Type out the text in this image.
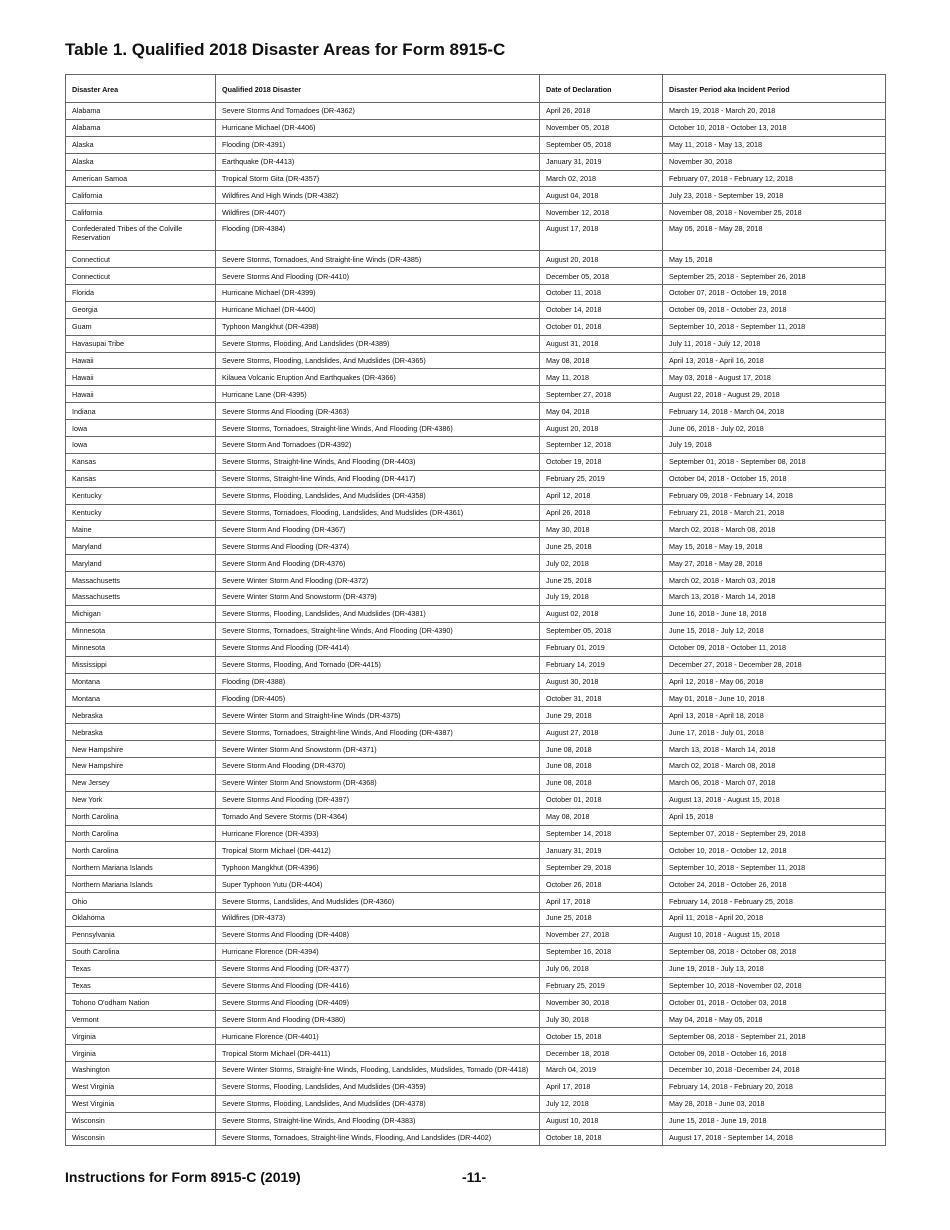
Table 1. Qualified 2018 Disaster Areas for Form 8915-C
Disaster Area	Qualified 2018 Disaster	Date of Declaration	Disaster Period aka Incident Period
Alabama	Severe Storms And Tornadoes (DR-4362)	April 26, 2018	March 19, 2018 - March 20, 2018
Alabama	Hurricane Michael (DR-4406)	November 05, 2018	October 10, 2018 - October 13, 2018
Alaska	Flooding (DR-4391)	September 05, 2018	May 11, 2018 - May 13, 2018
Alaska	Earthquake (DR-4413)	January 31, 2019	November 30, 2018
American Samoa	Tropical Storm Gita (DR-4357)	March 02, 2018	February 07, 2018 - February 12, 2018
California	Wildfires And High Winds (DR-4382)	August 04, 2018	July 23, 2018 - September 19, 2018
California	Wildfires (DR-4407)	November 12, 2018	November 08, 2018 - November 25, 2018
Confederated Tribes of the Colville Reservation	Flooding (DR-4384)	August 17, 2018	May 05, 2018 - May 28, 2018
Connecticut	Severe Storms, Tornadoes, And Straight-line Winds (DR-4385)	August 20, 2018	May 15, 2018
Connecticut	Severe Storms And Flooding (DR-4410)	December 05, 2018	September 25, 2018 - September 26, 2018
Florida	Hurricane Michael (DR-4399)	October 11, 2018	October 07, 2018 - October 19, 2018
Georgia	Hurricane Michael (DR-4400)	October 14, 2018	October 09, 2018 - October 23, 2018
Guam	Typhoon Mangkhut (DR-4398)	October 01, 2018	September 10, 2018 - September 11, 2018
Havasupai Tribe	Severe Storms, Flooding, And Landslides (DR-4389)	August 31, 2018	July 11, 2018 - July 12, 2018
Hawaii	Severe Storms, Flooding, Landslides, And Mudslides (DR-4365)	May 08, 2018	April 13, 2018 - April 16, 2018
Hawaii	Kilauea Volcanic Eruption And Earthquakes (DR-4366)	May 11, 2018	May 03, 2018 - August 17, 2018
Hawaii	Hurricane Lane (DR-4395)	September 27, 2018	August 22, 2018 - August 29, 2018
Indiana	Severe Storms And Flooding (DR-4363)	May 04, 2018	February 14, 2018 - March 04, 2018
Iowa	Severe Storms, Tornadoes, Straight-line Winds, And Flooding (DR-4386)	August 20, 2018	June 06, 2018 - July 02, 2018
Iowa	Severe Storm And Tornadoes (DR-4392)	September 12, 2018	July 19, 2018
Kansas	Severe Storms, Straight-line Winds, And Flooding (DR-4403)	October 19, 2018	September 01, 2018 - September 08, 2018
Kansas	Severe Storms, Straight-line Winds, And Flooding (DR-4417)	February 25, 2019	October 04, 2018 - October 15, 2018
Kentucky	Severe Storms, Flooding, Landslides, And Mudslides (DR-4358)	April 12, 2018	February 09, 2018 - February 14, 2018
Kentucky	Severe Storms, Tornadoes, Flooding, Landslides, And Mudslides (DR-4361)	April 26, 2018	February 21, 2018 - March 21, 2018
Maine	Severe Storm And Flooding (DR-4367)	May 30, 2018	March 02, 2018 - March 08, 2018
Maryland	Severe Storms And Flooding (DR-4374)	June 25, 2018	May 15, 2018 - May 19, 2018
Maryland	Severe Storm And Flooding (DR-4376)	July 02, 2018	May 27, 2018 - May 28, 2018
Massachusetts	Severe Winter Storm And Flooding (DR-4372)	June 25, 2018	March 02, 2018 - March 03, 2018
Massachusetts	Severe Winter Storm And Snowstorm (DR-4379)	July 19, 2018	March 13, 2018 - March 14, 2018
Michigan	Severe Storms, Flooding, Landslides, And Mudslides (DR-4381)	August 02, 2018	June 16, 2018 - June 18, 2018
Minnesota	Severe Storms, Tornadoes, Straight-line Winds, And Flooding (DR-4390)	September 05, 2018	June 15, 2018 - July 12, 2018
Minnesota	Severe Storms And Flooding (DR-4414)	February 01, 2019	October 09, 2018 - October 11, 2018
Mississippi	Severe Storms, Flooding, And Tornado (DR-4415)	February 14, 2019	December 27, 2018 - December 28, 2018
Montana	Flooding (DR-4388)	August 30, 2018	April 12, 2018 - May 06, 2018
Montana	Flooding (DR-4405)	October 31, 2018	May 01, 2018 - June 10, 2018
Nebraska	Severe Winter Storm and Straight-line Winds (DR-4375)	June 29, 2018	April 13, 2018 - April 18, 2018
Nebraska	Severe Storms, Tornadoes, Straight-line Winds, And Flooding (DR-4387)	August 27, 2018	June 17, 2018 - July 01, 2018
New Hampshire	Severe Winter Storm And Snowstorm (DR-4371)	June 08, 2018	March 13, 2018 - March 14, 2018
New Hampshire	Severe Storm And Flooding (DR-4370)	June 08, 2018	March 02, 2018 - March 08, 2018
New Jersey	Severe Winter Storm And Snowstorm (DR-4368)	June 08, 2018	March 06, 2018 - March 07, 2018
New York	Severe Storms And Flooding (DR-4397)	October 01, 2018	August 13, 2018 - August 15, 2018
North Carolina	Tornado And Severe Storms (DR-4364)	May 08, 2018	April 15, 2018
North Carolina	Hurricane Florence (DR-4393)	September 14, 2018	September 07, 2018 - September 29, 2018
North Carolina	Tropical Storm Michael (DR-4412)	January 31, 2019	October 10, 2018 - October 12, 2018
Northern Mariana Islands	Typhoon Mangkhut (DR-4396)	September 29, 2018	September 10, 2018 - September 11, 2018
Northern Mariana Islands	Super Typhoon Yutu (DR-4404)	October 26, 2018	October 24, 2018 - October 26, 2018
Ohio	Severe Storms, Landslides, And Mudslides (DR-4360)	April 17, 2018	February 14, 2018 - February 25, 2018
Oklahoma	Wildfires (DR-4373)	June 25, 2018	April 11, 2018 - April 20, 2018
Pennsylvania	Severe Storms And Flooding (DR-4408)	November 27, 2018	August 10, 2018 - August 15, 2018
South Carolina	Hurricane Florence (DR-4394)	September 16, 2018	September 08, 2018 - October 08, 2018
Texas	Severe Storms And Flooding (DR-4377)	July 06, 2018	June 19, 2018 - July 13, 2018
Texas	Severe Storms And Flooding (DR-4416)	February 25, 2019	September 10, 2018 -November 02, 2018
Tohono O'odham Nation	Severe Storms And Flooding (DR-4409)	November 30, 2018	October 01, 2018 - October 03, 2018
Vermont	Severe Storm And Flooding (DR-4380)	July 30, 2018	May 04, 2018 - May 05, 2018
Virginia	Hurricane Florence (DR-4401)	October 15, 2018	September 08, 2018 - September 21, 2018
Virginia	Tropical Storm Michael (DR-4411)	December 18, 2018	October 09, 2018 - October 16, 2018
Washington	Severe Winter Storms, Straight-line Winds, Flooding, Landslides, Mudslides, Tornado (DR-4418)	March 04, 2019	December 10, 2018 -December 24, 2018
West Virginia	Severe Storms, Flooding, Landslides, And Mudslides (DR-4359)	April 17, 2018	February 14, 2018 - February 20, 2018
West Virginia	Severe Storms, Flooding, Landslides, And Mudslides (DR-4378)	July 12, 2018	May 28, 2018 - June 03, 2018
Wisconsin	Severe Storms, Straight-line Winds, And Flooding (DR-4383)	August 10, 2018	June 15, 2018 - June 19, 2018
Wisconsin	Severe Storms, Tornadoes, Straight-line Winds, Flooding, And Landslides (DR-4402)	October 18, 2018	August 17, 2018 - September 14, 2018
Instructions for Form 8915-C (2019)	-11-
